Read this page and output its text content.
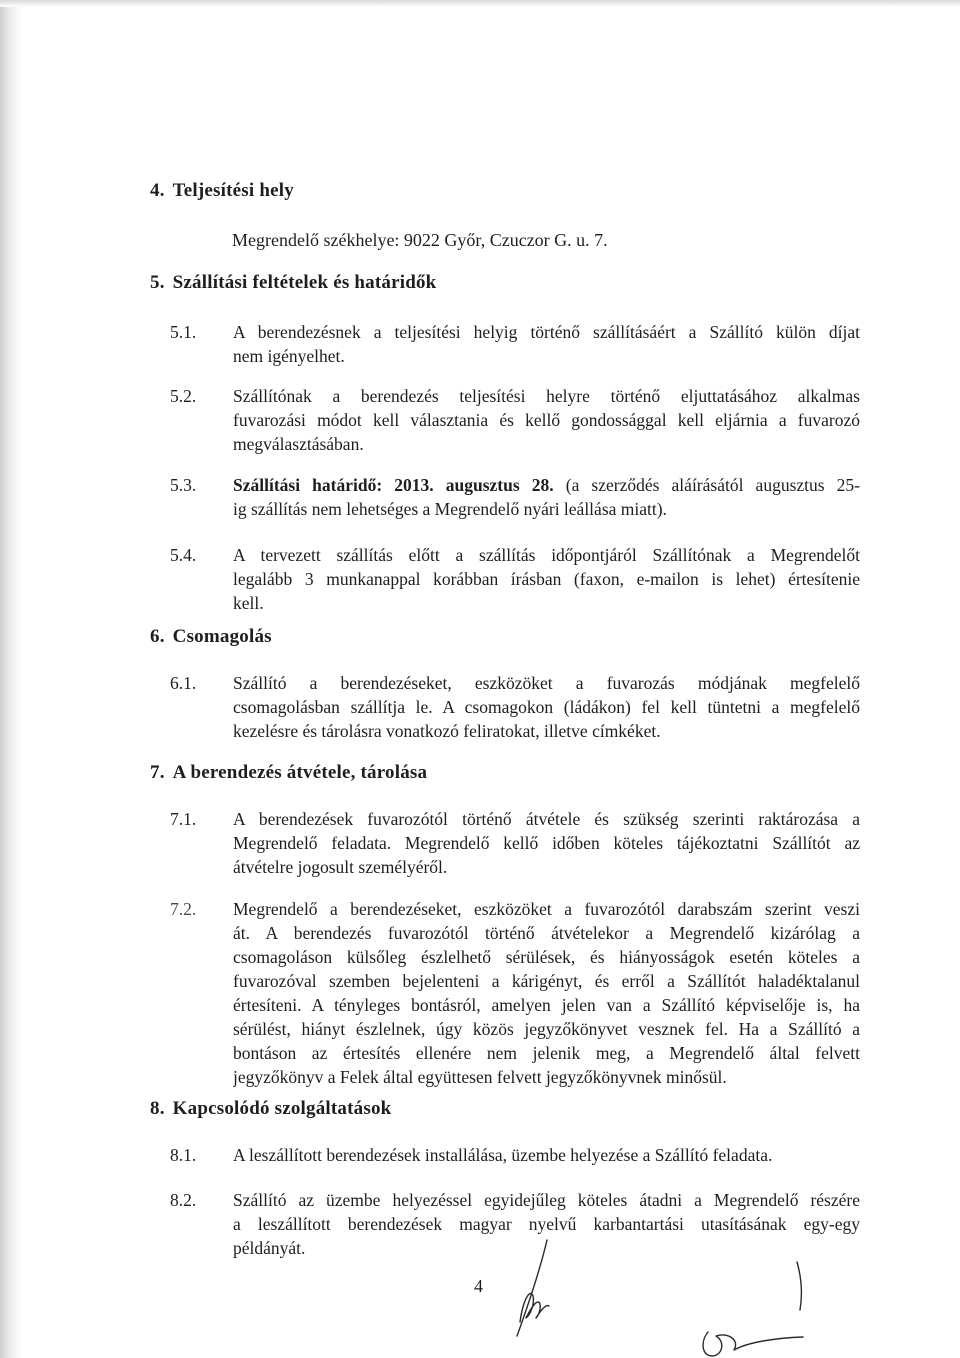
4. Teljesítési hely
Megrendelő székhelye: 9022 Győr, Czuczor G. u. 7.
5. Szállítási feltételek és határidők
5.1. A berendezésnek a teljesítési helyig történő szállításáért a Szállító külön díjat
nem igényelhet.
5.2. Szállítónak a berendezés teljesítési helyre történő eljuttatásához alkalmas
fuvarozási módot kell választania és kellő gondossággal kell eljárnia a fuvarozó
megválasztásában.
5.3. Szállítási határidő: 2013. augusztus 28. (a szerződés aláírásától augusztus 25-
ig szállítás nem lehetséges a Megrendelő nyári leállása miatt).
5.4. A tervezett szállítás előtt a szállítás időpontjáról Szállítónak a Megrendelőt
legalább 3 munkanappal korábban írásban (faxon, e-mailon is lehet) értesítenie
kell.
6. Csomagolás
6.1. Szállító a berendezéseket, eszközöket a fuvarozás módjának megfelelő
csomagolásban szállítja le. A csomagokon (ládákon) fel kell tüntetni a megfelelő
kezelésre és tárolásra vonatkozó feliratokat, illetve címkéket.
7. A berendezés átvétele, tárolása
7.1. A berendezések fuvarozótól történő átvétele és szükség szerinti raktározása a
Megrendelő feladata. Megrendelő kellő időben köteles tájékoztatni Szállítót az
átvételre jogosult személyéről.
7.2. Megrendelő a berendezéseket, eszközöket a fuvarozótól darabszám szerint veszi
át. A berendezés fuvarozótól történő átvételekor a Megrendelő kizárólag a
csomagoláson külsőleg észlelhető sérülések, és hiányosságok esetén köteles a
fuvarozóval szemben bejelenteni a kárigényt, és erről a Szállítót haladéktalanul
értesíteni. A tényleges bontásról, amelyen jelen van a Szállító képviselője is, ha
sérülést, hiányt észlelnek, úgy közös jegyzőkönyvet vesznek fel. Ha a Szállító a
bontáson az értesítés ellenére nem jelenik meg, a Megrendelő által felvett
jegyzőkönyv a Felek által együttesen felvett jegyzőkönyvnek minősül.
8. Kapcsolódó szolgáltatások
8.1. A leszállított berendezések installálása, üzembe helyezése a Szállító feladata.
8.2. Szállító az üzembe helyezéssel egyidejűleg köteles átadni a Megrendelő részére
a leszállított berendezések magyar nyelvű karbantartási utasításának egy-egy
példányát.
4
